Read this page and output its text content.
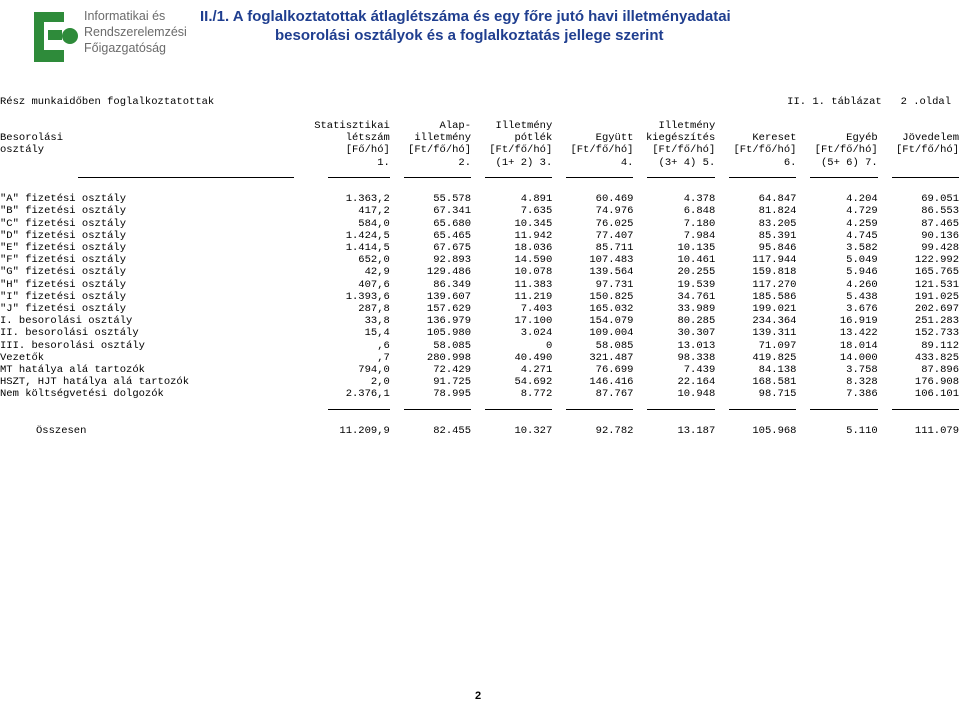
Informatikai és
Rendszerelemzési
Főigazgatóság
II./1. A foglalkoztatottak átlaglétszáma és egy főre jutó havi illetményadatai
besorolási osztályok és a foglalkoztatás jellege szerint
Rész munkaidőben foglalkoztatottak	II. 1. táblázat   2 .oldal
	Statisztikai	Alap-	Illetmény		Illetmény			
Besorolási	létszám	illetmény	pótlék	Együtt	kiegészítés	Kereset	Egyéb	Jövedelem
osztály	[Fő/hó]	[Ft/fő/hó]	[Ft/fő/hó]	[Ft/fő/hó]	[Ft/fő/hó]	[Ft/fő/hó]	[Ft/fő/hó]	[Ft/fő/hó]
	1.	2.	(1+ 2) 3.	4.	(3+ 4) 5.	6.	(5+ 6) 7.	

"A" fizetési osztály	1.363,2	55.578	4.891	60.469	4.378	64.847	4.204	69.051
"B" fizetési osztály	417,2	67.341	7.635	74.976	6.848	81.824	4.729	86.553
"C" fizetési osztály	584,0	65.680	10.345	76.025	7.180	83.205	4.259	87.465
"D" fizetési osztály	1.424,5	65.465	11.942	77.407	7.984	85.391	4.745	90.136
"E" fizetési osztály	1.414,5	67.675	18.036	85.711	10.135	95.846	3.582	99.428
"F" fizetési osztály	652,0	92.893	14.590	107.483	10.461	117.944	5.049	122.992
"G" fizetési osztály	42,9	129.486	10.078	139.564	20.255	159.818	5.946	165.765
"H" fizetési osztály	407,6	86.349	11.383	97.731	19.539	117.270	4.260	121.531
"I" fizetési osztály	1.393,6	139.607	11.219	150.825	34.761	185.586	5.438	191.025
"J" fizetési osztály	287,8	157.629	7.403	165.032	33.989	199.021	3.676	202.697
I. besorolási osztály	33,8	136.979	17.100	154.079	80.285	234.364	16.919	251.283
II. besorolási osztály	15,4	105.980	3.024	109.004	30.307	139.311	13.422	152.733
III. besorolási osztály	,6	58.085	0	58.085	13.013	71.097	18.014	89.112
Vezetők	,7	280.998	40.490	321.487	98.338	419.825	14.000	433.825
MT hatálya alá tartozók	794,0	72.429	4.271	76.699	7.439	84.138	3.758	87.896
HSZT, HJT hatálya alá tartozók	2,0	91.725	54.692	146.416	22.164	168.581	8.328	176.908
Nem költségvetési dolgozók	2.376,1	78.995	8.772	87.767	10.948	98.715	7.386	106.101

Összesen	11.209,9	82.455	10.327	92.782	13.187	105.968	5.110	111.079
2
